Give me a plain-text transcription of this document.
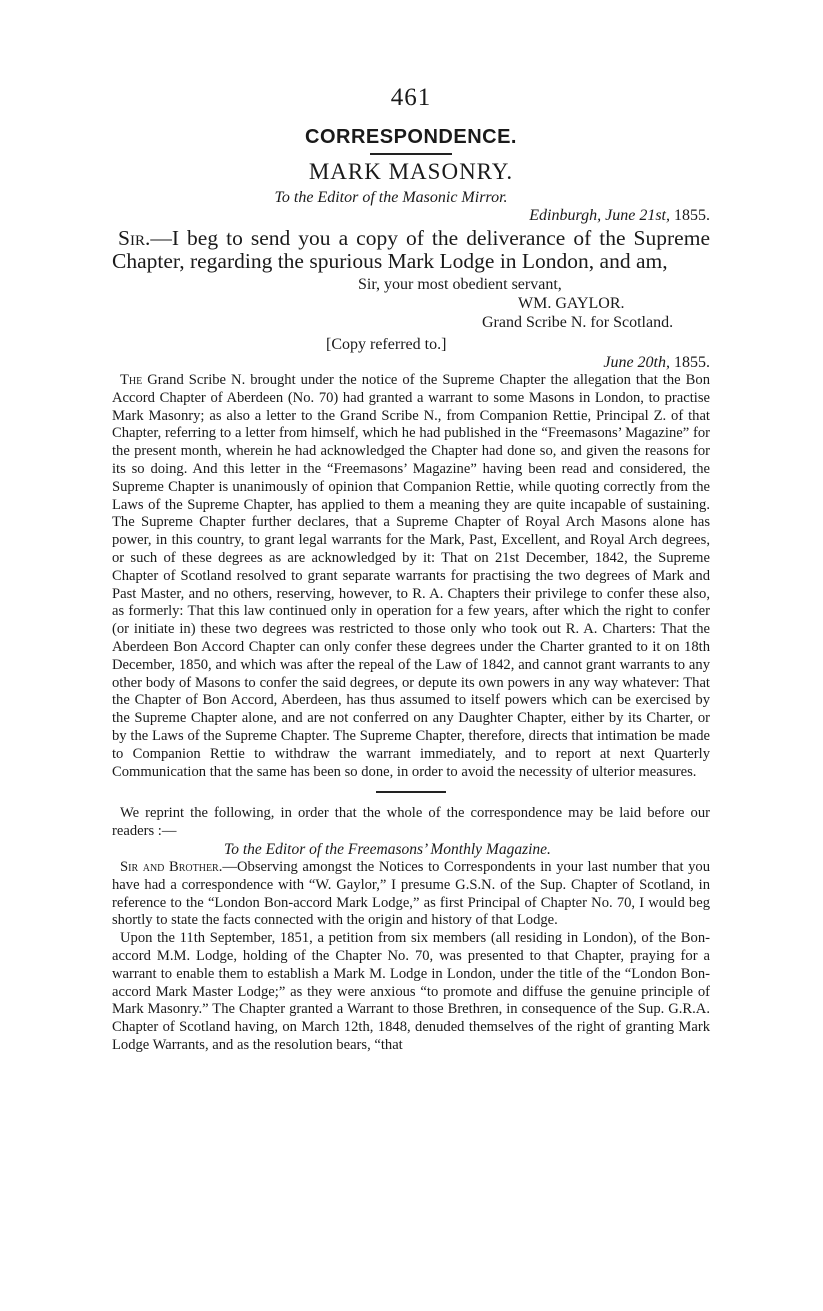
461
CORRESPONDENCE.
MARK MASONRY.

To the Editor of the Masonic Mirror.

Edinburgh, June 21st, 1855.

Sir.—I beg to send you a copy of the deliverance of the Supreme Chapter, regarding the spurious Mark Lodge in London, and am,

Sir, your most obedient servant,

WM. GAYLOR.

Grand Scribe N. for Scotland.

[Copy referred to.]

June 20th, 1855.

The Grand Scribe N. brought under the notice of the Supreme Chapter the allegation that the Bon Accord Chapter of Aberdeen (No. 70) had granted a warrant to some Masons in London, to practise Mark Masonry; as also a letter to the Grand Scribe N., from Companion Rettie, Principal Z. of that Chapter, referring to a letter from himself, which he had published in the “Freemasons’ Magazine” for the present month, wherein he had acknowledged the Chapter had done so, and given the reasons for its so doing. And this letter in the “Freemasons’ Magazine” having been read and considered, the Supreme Chapter is unanimously of opinion that Companion Rettie, while quoting correctly from the Laws of the Supreme Chapter, has applied to them a meaning they are quite incapable of sustaining. The Supreme Chapter further declares, that a Supreme Chapter of Royal Arch Masons alone has power, in this country, to grant legal warrants for the Mark, Past, Excellent, and Royal Arch degrees, or such of these degrees as are acknowledged by it: That on 21st December, 1842, the Supreme Chapter of Scotland resolved to grant separate warrants for practising the two degrees of Mark and Past Master, and no others, reserving, however, to R. A. Chapters their privilege to confer these also, as formerly: That this law continued only in operation for a few years, after which the right to confer (or initiate in) these two degrees was restricted to those only who took out R. A. Charters: That the Aberdeen Bon Accord Chapter can only confer these degrees under the Charter granted to it on 18th December, 1850, and which was after the repeal of the Law of 1842, and cannot grant warrants to any other body of Masons to confer the said degrees, or depute its own powers in any way whatever: That the Chapter of Bon Accord, Aberdeen, has thus assumed to itself powers which can be exercised by the Supreme Chapter alone, and are not conferred on any Daughter Chapter, either by its Charter, or by the Laws of the Supreme Chapter. The Supreme Chapter, therefore, directs that intimation be made to Companion Rettie to withdraw the warrant immediately, and to report at next Quarterly Communication that the same has been so done, in order to avoid the necessity of ulterior measures.

We reprint the following, in order that the whole of the correspondence may be laid before our readers :—

To the Editor of the Freemasons’ Monthly Magazine.

Sir and Brother.—Observing amongst the Notices to Correspondents in your last number that you have had a correspondence with “W. Gaylor,” I presume G.S.N. of the Sup. Chapter of Scotland, in reference to the “London Bon-accord Mark Lodge,” as first Principal of Chapter No. 70, I would beg shortly to state the facts connected with the origin and history of that Lodge.

Upon the 11th September, 1851, a petition from six members (all residing in London), of the Bon-accord M.M. Lodge, holding of the Chapter No. 70, was presented to that Chapter, praying for a warrant to enable them to establish a Mark M. Lodge in London, under the title of the “London Bon-accord Mark Master Lodge;” as they were anxious “to promote and diffuse the genuine principle of Mark Masonry.” The Chapter granted a Warrant to those Brethren, in consequence of the Sup. G.R.A. Chapter of Scotland having, on March 12th, 1848, denuded themselves of the right of granting Mark Lodge Warrants, and as the resolution bears, “that
